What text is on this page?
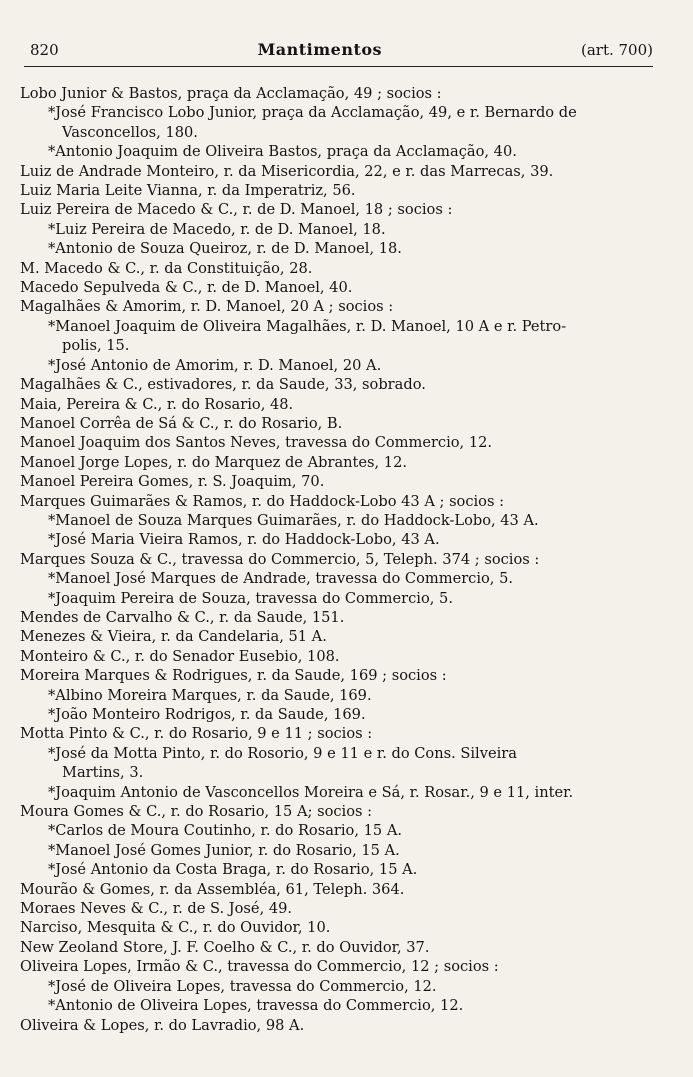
820	Mantimentos	(art. 700)
Lobo Junior & Bastos, praça da Acclamação, 49 ; socios :
*José Francisco Lobo Junior, praça da Acclamação, 49, e r. Bernardo de
Vasconcellos, 180.
*Antonio Joaquim de Oliveira Bastos, praça da Acclamação, 40.
Luiz de Andrade Monteiro, r. da Misericordia, 22, e r. das Marrecas, 39.
Luiz Maria Leite Vianna, r. da Imperatriz, 56.
Luiz Pereira de Macedo & C., r. de D. Manoel, 18 ; socios :
*Luiz Pereira de Macedo, r. de D. Manoel, 18.
*Antonio de Souza Queiroz, r. de D. Manoel, 18.
M. Macedo & C., r. da Constituição, 28.
Macedo Sepulveda & C., r. de D. Manoel, 40.
Magalhães & Amorim, r. D. Manoel, 20 A ; socios :
*Manoel Joaquim de Oliveira Magalhães, r. D. Manoel, 10 A e r. Petro-
polis, 15.
*José Antonio de Amorim, r. D. Manoel, 20 A.
Magalhães & C., estivadores, r. da Saude, 33, sobrado.
Maia, Pereira & C., r. do Rosario, 48.
Manoel Corrêa de Sá & C., r. do Rosario, B.
Manoel Joaquim dos Santos Neves, travessa do Commercio, 12.
Manoel Jorge Lopes, r. do Marquez de Abrantes, 12.
Manoel Pereira Gomes, r. S. Joaquim, 70.
Marques Guimarães & Ramos, r. do Haddock-Lobo 43 A ; socios :
*Manoel de Souza Marques Guimarães, r. do Haddock-Lobo, 43 A.
*José Maria Vieira Ramos, r. do Haddock-Lobo, 43 A.
Marques Souza & C., travessa do Commercio, 5, Teleph. 374 ; socios :
*Manoel José Marques de Andrade, travessa do Commercio, 5.
*Joaquim Pereira de Souza, travessa do Commercio, 5.
Mendes de Carvalho & C., r. da Saude, 151.
Menezes & Vieira, r. da Candelaria, 51 A.
Monteiro & C., r. do Senador Eusebio, 108.
Moreira Marques & Rodrigues, r. da Saude, 169 ; socios :
*Albino Moreira Marques, r. da Saude, 169.
*João Monteiro Rodrigos, r. da Saude, 169.
Motta Pinto & C., r. do Rosario, 9 e 11 ; socios :
*José da Motta Pinto, r. do Rosorio, 9 e 11 e r. do Cons. Silveira
Martins, 3.
*Joaquim Antonio de Vasconcellos Moreira e Sá, r. Rosar., 9 e 11, inter.
Moura Gomes & C., r. do Rosario, 15 A; socios :
*Carlos de Moura Coutinho, r. do Rosario, 15 A.
*Manoel José Gomes Junior, r. do Rosario, 15 A.
*José Antonio da Costa Braga, r. do Rosario, 15 A.
Mourão & Gomes, r. da Assembléa, 61, Teleph. 364.
Moraes Neves & C., r. de S. José, 49.
Narciso, Mesquita & C., r. do Ouvidor, 10.
New Zeoland Store, J. F. Coelho & C., r. do Ouvidor, 37.
Oliveira Lopes, Irmão & C., travessa do Commercio, 12 ; socios :
*José de Oliveira Lopes, travessa do Commercio, 12.
*Antonio de Oliveira Lopes, travessa do Commercio, 12.
Oliveira & Lopes, r. do Lavradio, 98 A.
